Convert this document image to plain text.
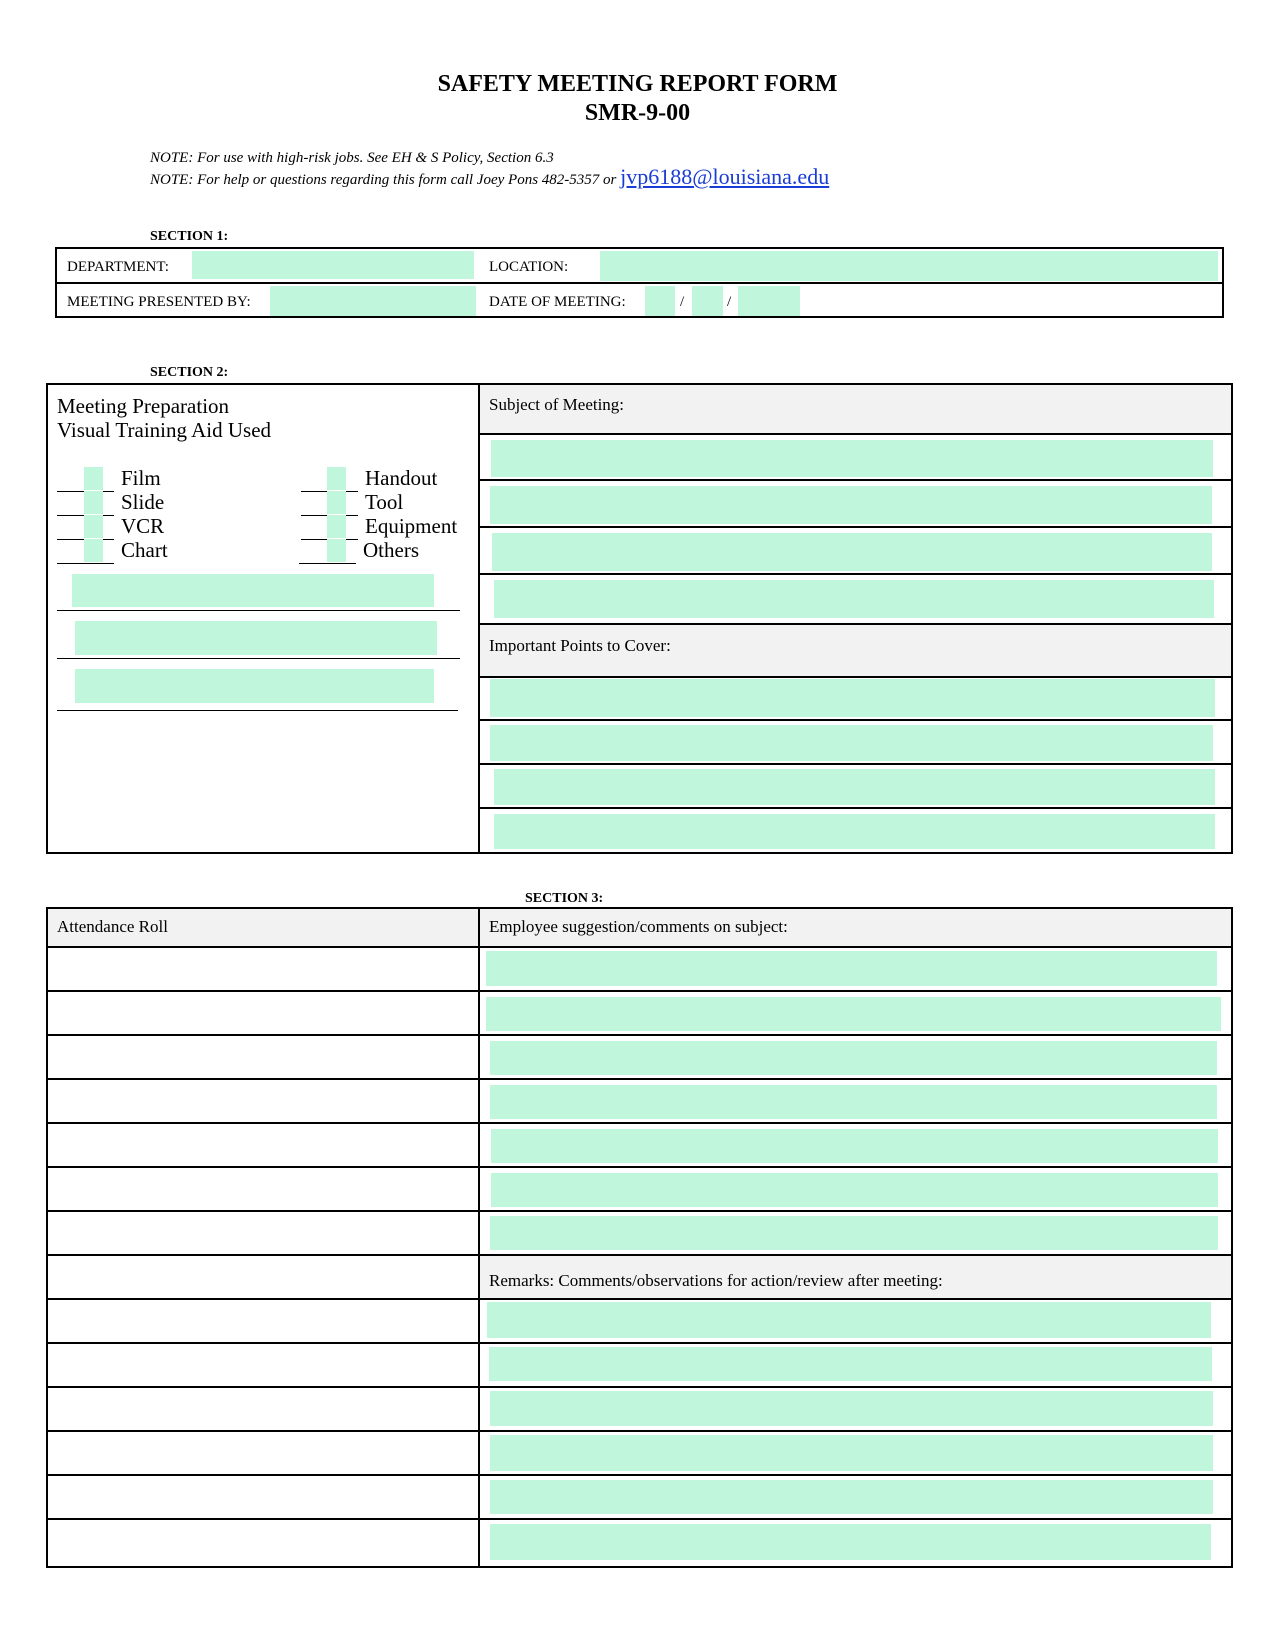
SAFETY MEETING REPORT FORM
SMR-9-00
NOTE: For use with high-risk jobs. See EH & S Policy, Section 6.3
NOTE: For help or questions regarding this form call Joey Pons 482-5357 or jvp6188@louisiana.edu
SECTION 1:
DEPARTMENT:	LOCATION:
MEETING PRESENTED BY:	DATE OF MEETING:	/	/
SECTION 2:
Meeting Preparation
Visual Training Aid Used
Film
Slide
VCR
Chart
Handout
Tool
Equipment
Others
Subject of Meeting:
Important Points to Cover:
SECTION 3:
Attendance Roll	Employee suggestion/comments on subject:
Remarks: Comments/observations for action/review after meeting:
